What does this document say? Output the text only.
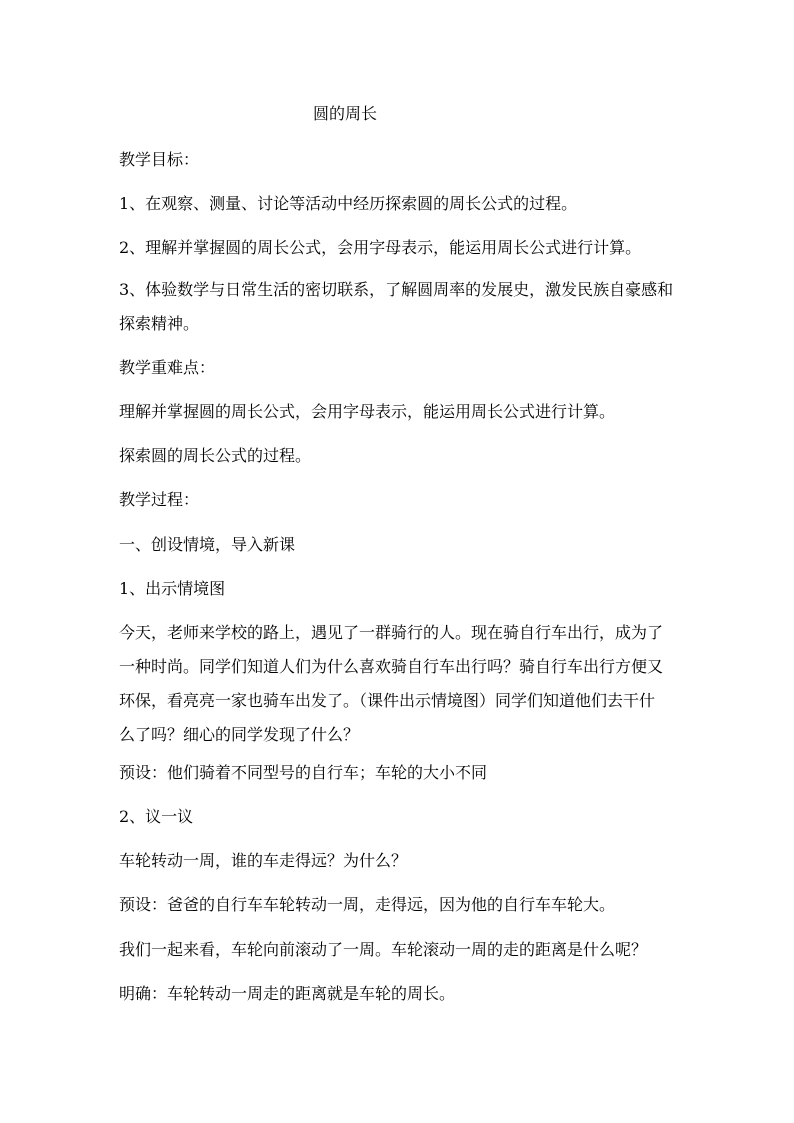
圆的周长
教学目标：
1、在观察、测量、讨论等活动中经历探索圆的周长公式的过程。
2、理解并掌握圆的周长公式，会用字母表示，能运用周长公式进行计算。
3、体验数学与日常生活的密切联系，了解圆周率的发展史，激发民族自豪感和
探索精神。
教学重难点：
理解并掌握圆的周长公式，会用字母表示，能运用周长公式进行计算。
探索圆的周长公式的过程。
教学过程：
一、创设情境，导入新课
1、出示情境图
今天，老师来学校的路上，遇见了一群骑行的人。现在骑自行车出行，成为了
一种时尚。同学们知道人们为什么喜欢骑自行车出行吗？骑自行车出行方便又
环保，看亮亮一家也骑车出发了。（课件出示情境图）同学们知道他们去干什
么了吗？细心的同学发现了什么？
预设：他们骑着不同型号的自行车；车轮的大小不同
2、议一议
车轮转动一周，谁的车走得远？为什么？
预设：爸爸的自行车车轮转动一周，走得远，因为他的自行车车轮大。
我们一起来看，车轮向前滚动了一周。车轮滚动一周的走的距离是什么呢？
明确：车轮转动一周走的距离就是车轮的周长。
